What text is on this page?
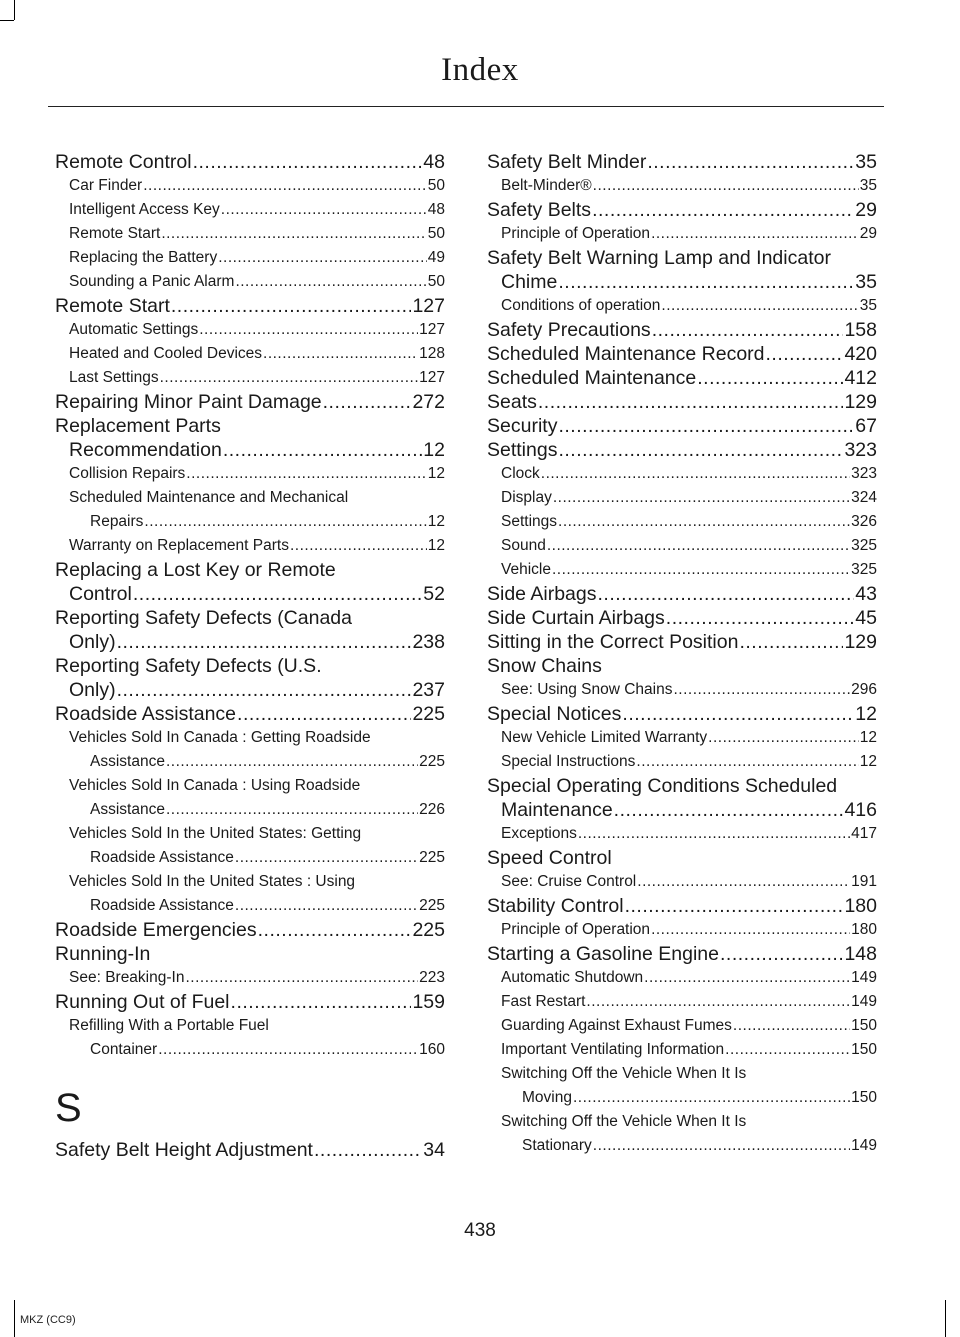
Index
Remote Control .....	48
Car Finder .....	50
Intelligent Access Key .....	48
Remote Start .....	50
Replacing the Battery .....	49
Sounding a Panic Alarm .....	50
Remote Start .....	127
Automatic Settings .....	127
Heated and Cooled Devices .....	128
Last Settings .....	127
Repairing Minor Paint Damage .....	272
Replacement Parts
Recommendation .....	12
Collision Repairs .....	12
Scheduled Maintenance and Mechanical
Repairs .....	12
Warranty on Replacement Parts .....	12
Replacing a Lost Key or Remote
Control .....	52
Reporting Safety Defects (Canada
Only) .....	238
Reporting Safety Defects (U.S.
Only) .....	237
Roadside Assistance .....	225
Vehicles Sold In Canada : Getting Roadside
Assistance .....	225
Vehicles Sold In Canada : Using Roadside
Assistance .....	226
Vehicles Sold In the United States: Getting
Roadside Assistance .....	225
Vehicles Sold In the United States : Using
Roadside Assistance .....	225
Roadside Emergencies .....	225
Running-In
See: Breaking-In .....	223
Running Out of Fuel .....	159
Refilling With a Portable Fuel
Container .....	160
S
Safety Belt Height Adjustment .....	34
Safety Belt Minder .....	35
Belt-Minder® .....	35
Safety Belts .....	29
Principle of Operation .....	29
Safety Belt Warning Lamp and Indicator
Chime .....	35
Conditions of operation .....	35
Safety Precautions .....	158
Scheduled Maintenance Record .....	420
Scheduled Maintenance .....	412
Seats .....	129
Security .....	67
Settings .....	323
Clock .....	323
Display .....	324
Settings .....	326
Sound .....	325
Vehicle .....	325
Side Airbags .....	43
Side Curtain Airbags .....	45
Sitting in the Correct Position .....	129
Snow Chains
See: Using Snow Chains .....	296
Special Notices .....	12
New Vehicle Limited Warranty .....	12
Special Instructions .....	12
Special Operating Conditions Scheduled
Maintenance .....	416
Exceptions .....	417
Speed Control
See: Cruise Control .....	191
Stability Control .....	180
Principle of Operation .....	180
Starting a Gasoline Engine .....	148
Automatic Shutdown .....	149
Fast Restart .....	149
Guarding Against Exhaust Fumes .....	150
Important Ventilating Information .....	150
Switching Off the Vehicle When It Is
Moving .....	150
Switching Off the Vehicle When It Is
Stationary .....	149
438
MKZ (CC9)
